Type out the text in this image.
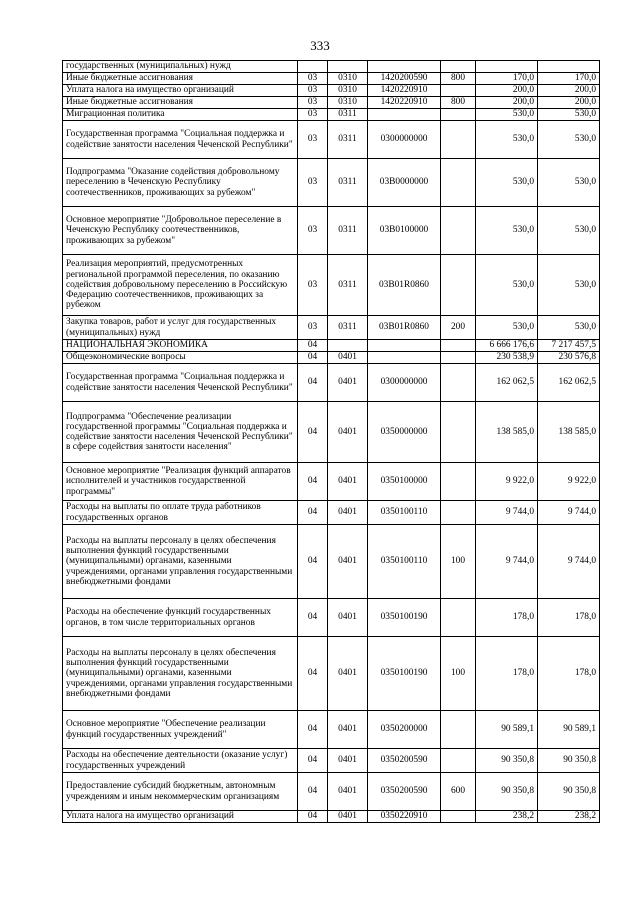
333
государственных (муниципальных) нужд						
Иные бюджетные ассигнования	03	0310	1420200590	800	170,0	170,0
Уплата налога на имущество организаций	03	0310	1420220910		200,0	200,0
Иные бюджетные ассигнования	03	0310	1420220910	800	200,0	200,0
Миграционная политика	03	0311			530,0	530,0
Государственная программа "Социальная поддержка и содействие занятости населения Чеченской Республики"	03	0311	0300000000		530,0	530,0
Подпрограмма "Оказание содействия добровольному переселению в Чеченскую Республику соотечественников, проживающих за рубежом"	03	0311	03В0000000		530,0	530,0
Основное мероприятие "Добровольное переселение в Чеченскую Республику соотечественников, проживающих за рубежом"	03	0311	03В0100000		530,0	530,0
Реализация мероприятий, предусмотренных региональной программой переселения, по оказанию содействия добровольному переселению в Российскую Федерацию соотечественников, проживающих за рубежом	03	0311	03В01R0860		530,0	530,0
Закупка товаров, работ и услуг для государственных (муниципальных) нужд	03	0311	03В01R0860	200	530,0	530,0
НАЦИОНАЛЬНАЯ ЭКОНОМИКА	04				6 666 176,6	7 217 457,5
Общеэкономические вопросы	04	0401			230 538,9	230 576,8
Государственная программа "Социальная поддержка и содействие занятости населения Чеченской Республики"	04	0401	0300000000		162 062,5	162 062,5
Подпрограмма "Обеспечение реализации государственной программы "Социальная поддержка и содействие занятости населения Чеченской Республики" в сфере содействия занятости населения"	04	0401	0350000000		138 585,0	138 585,0
Основное мероприятие "Реализация функций аппаратов исполнителей и участников государственной программы"	04	0401	0350100000		9 922,0	9 922,0
Расходы на выплаты по оплате труда работников государственных органов	04	0401	0350100110		9 744,0	9 744,0
Расходы на выплаты персоналу в целях обеспечения выполнения функций государственными (муниципальными) органами, казенными учреждениями, органами управления государственными внебюджетными фондами	04	0401	0350100110	100	9 744,0	9 744,0
Расходы на обеспечение функций государственных органов, в том числе территориальных органов	04	0401	0350100190		178,0	178,0
Расходы на выплаты персоналу в целях обеспечения выполнения функций государственными (муниципальными) органами, казенными учреждениями, органами управления государственными внебюджетными фондами	04	0401	0350100190	100	178,0	178,0
Основное мероприятие "Обеспечение реализации функций государственных учреждений"	04	0401	0350200000		90 589,1	90 589,1
Расходы на обеспечение деятельности (оказание услуг) государственных учреждений	04	0401	0350200590		90 350,8	90 350,8
Предоставление субсидий бюджетным, автономным учреждениям и иным некоммерческим организациям	04	0401	0350200590	600	90 350,8	90 350,8
Уплата налога на имущество организаций	04	0401	0350220910		238,2	238,2
